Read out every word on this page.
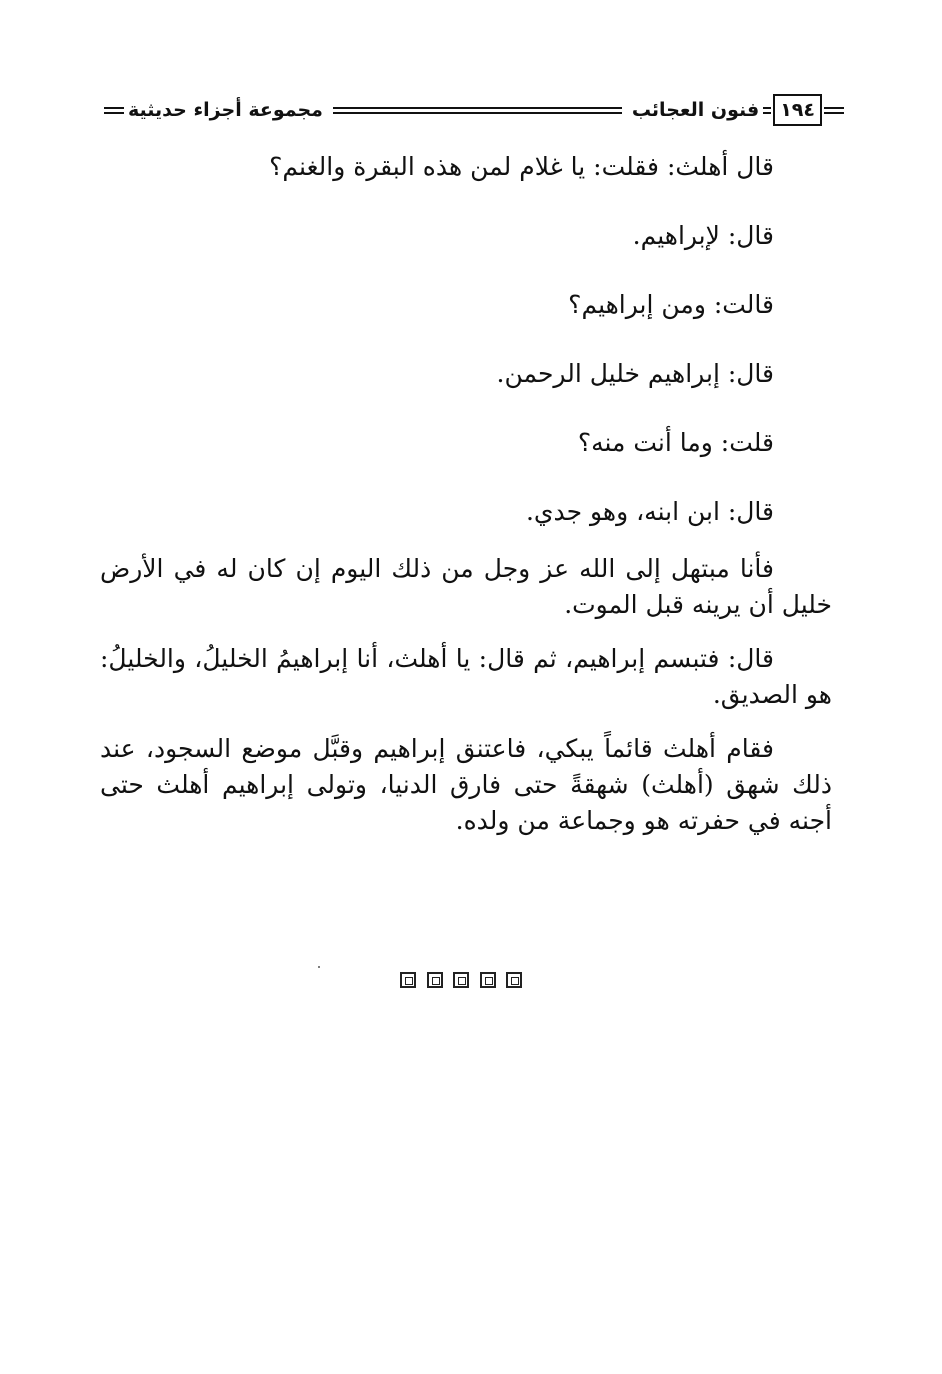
١٩٤
فنون العجائب
مجموعة أجزاء حديثية
قال أهلث: فقلت: يا غلام لمن هذه البقرة والغنم؟
قال: لإبراهيم.
قالت: ومن إبراهيم؟
قال: إبراهيم خليل الرحمن.
قلت: وما أنت منه؟
قال: ابن ابنه، وهو جدي.
فأنا مبتهل إلى الله عز وجل من ذلك اليوم إن كان له في الأرض خليل أن يرينه قبل الموت.
قال: فتبسم إبراهيم، ثم قال: يا أهلث، أنا إبراهيمُ الخليلُ، والخليلُ: هو الصديق.
فقام أهلث قائماً يبكي، فاعتنق إبراهيم وقبَّل موضع السجود، عند ذلك شهق (أهلث) شهقةً حتى فارق الدنيا، وتولى إبراهيم أهلث حتى أجنه في حفرته هو وجماعة من ولده.
